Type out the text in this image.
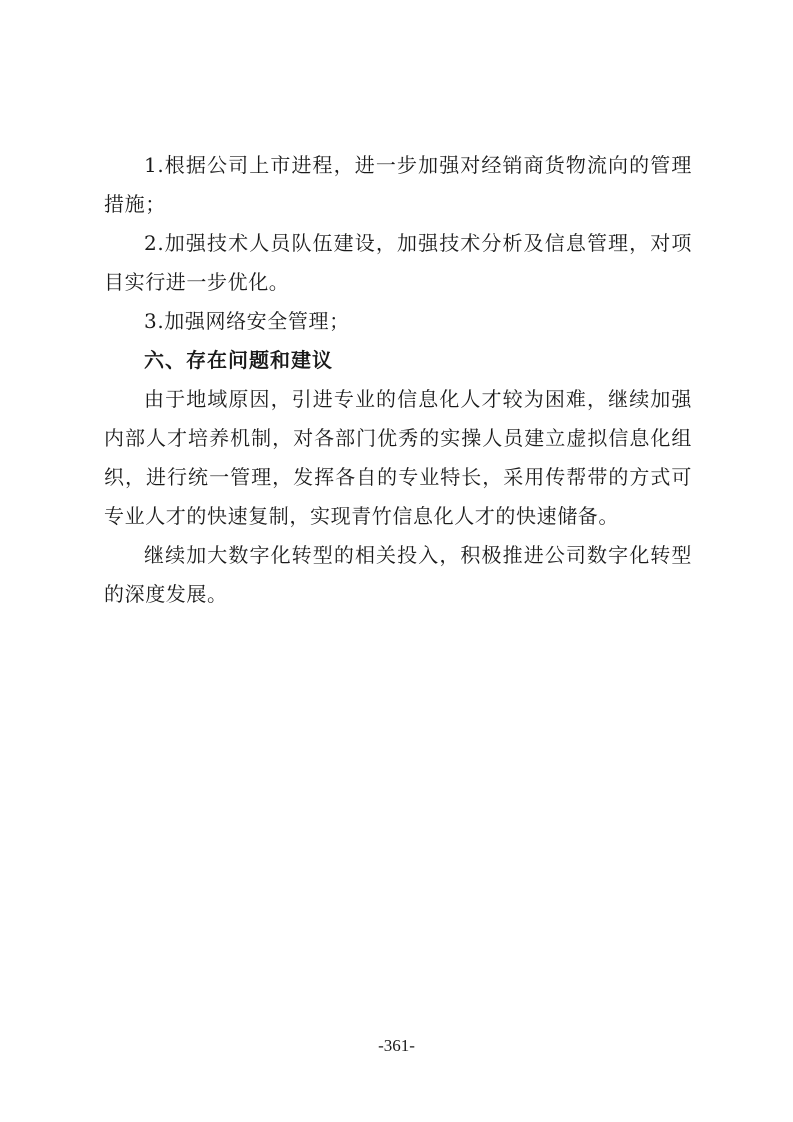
1.根据公司上市进程，进一步加强对经销商货物流向的管理措施；

2.加强技术人员队伍建设，加强技术分析及信息管理，对项目实行进一步优化。

3.加强网络安全管理；

六、存在问题和建议

由于地域原因，引进专业的信息化人才较为困难，继续加强内部人才培养机制，对各部门优秀的实操人员建立虚拟信息化组织，进行统一管理，发挥各自的专业特长，采用传帮带的方式可专业人才的快速复制，实现青竹信息化人才的快速储备。

继续加大数字化转型的相关投入，积极推进公司数字化转型的深度发展。

-361-
